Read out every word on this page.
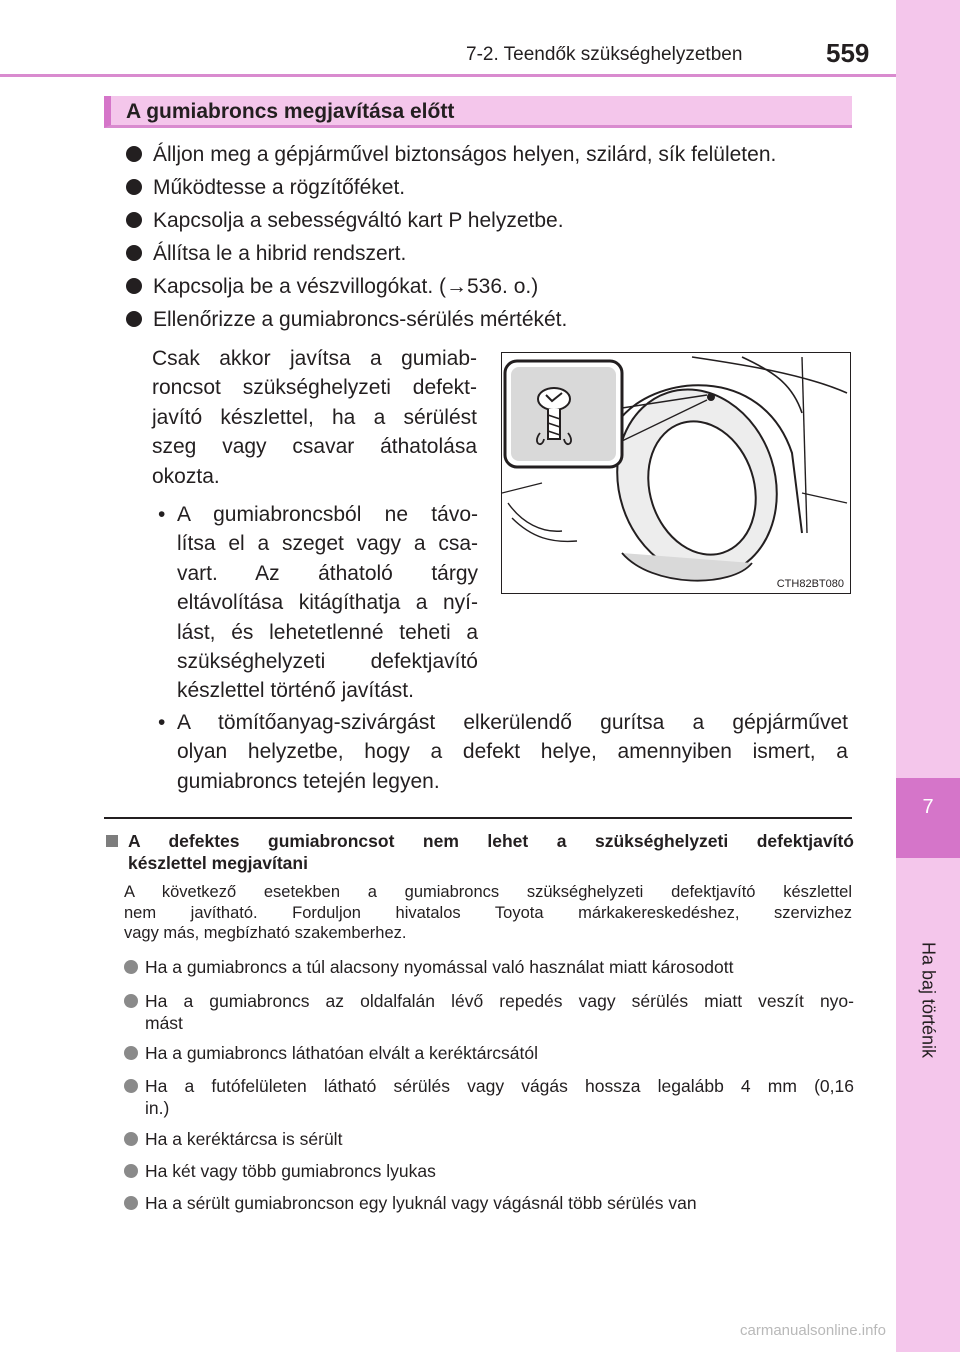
7
Ha baj történik
7-2. Teendők szükséghelyzetben	559
A gumiabroncs megjavítása előtt
Álljon meg a gépjárművel biztonságos helyen, szilárd, sík felületen.
Működtesse a rögzítőféket.
Kapcsolja a sebességváltó kart P helyzetbe.
Állítsa le a hibrid rendszert.
Kapcsolja be a vészvillogókat. (→536. o.)
Ellenőrizze a gumiabroncs-sérülés mértékét.
Csak akkor javítsa a gumiab-
roncsot szükséghelyzeti defekt-
javító készlettel, ha a sérülést
szeg vagy csavar áthatolása
okozta.
• A gumiabroncsból ne távo-
lítsa el a szeget vagy a csa-
vart. Az áthatoló tárgy
eltávolítása kitágíthatja a nyí-
lást, és lehetetlenné teheti a
szükséghelyzeti defektjavító
készlettel történő javítást.
• A tömítőanyag-szivárgást elkerülendő gurítsa a gépjárművet
olyan helyzetbe, hogy a defekt helye, amennyiben ismert, a
gumiabroncs tetején legyen.
CTH82BT080
A defektes gumiabroncsot nem lehet a szükséghelyzeti defektjavító
készlettel megjavítani
A következő esetekben a gumiabroncs szükséghelyzeti defektjavító készlettel
nem javítható. Forduljon hivatalos Toyota márkakereskedéshez, szervizhez
vagy más, megbízható szakemberhez.
Ha a gumiabroncs a túl alacsony nyomással való használat miatt károsodott
Ha a gumiabroncs az oldalfalán lévő repedés vagy sérülés miatt veszít nyo-
mást
Ha a gumiabroncs láthatóan elvált a keréktárcsától
Ha a futófelületen látható sérülés vagy vágás hossza legalább 4 mm (0,16
in.)
Ha a keréktárcsa is sérült
Ha két vagy több gumiabroncs lyukas
Ha a sérült gumiabroncson egy lyuknál vagy vágásnál több sérülés van
carmanualsonline.info
